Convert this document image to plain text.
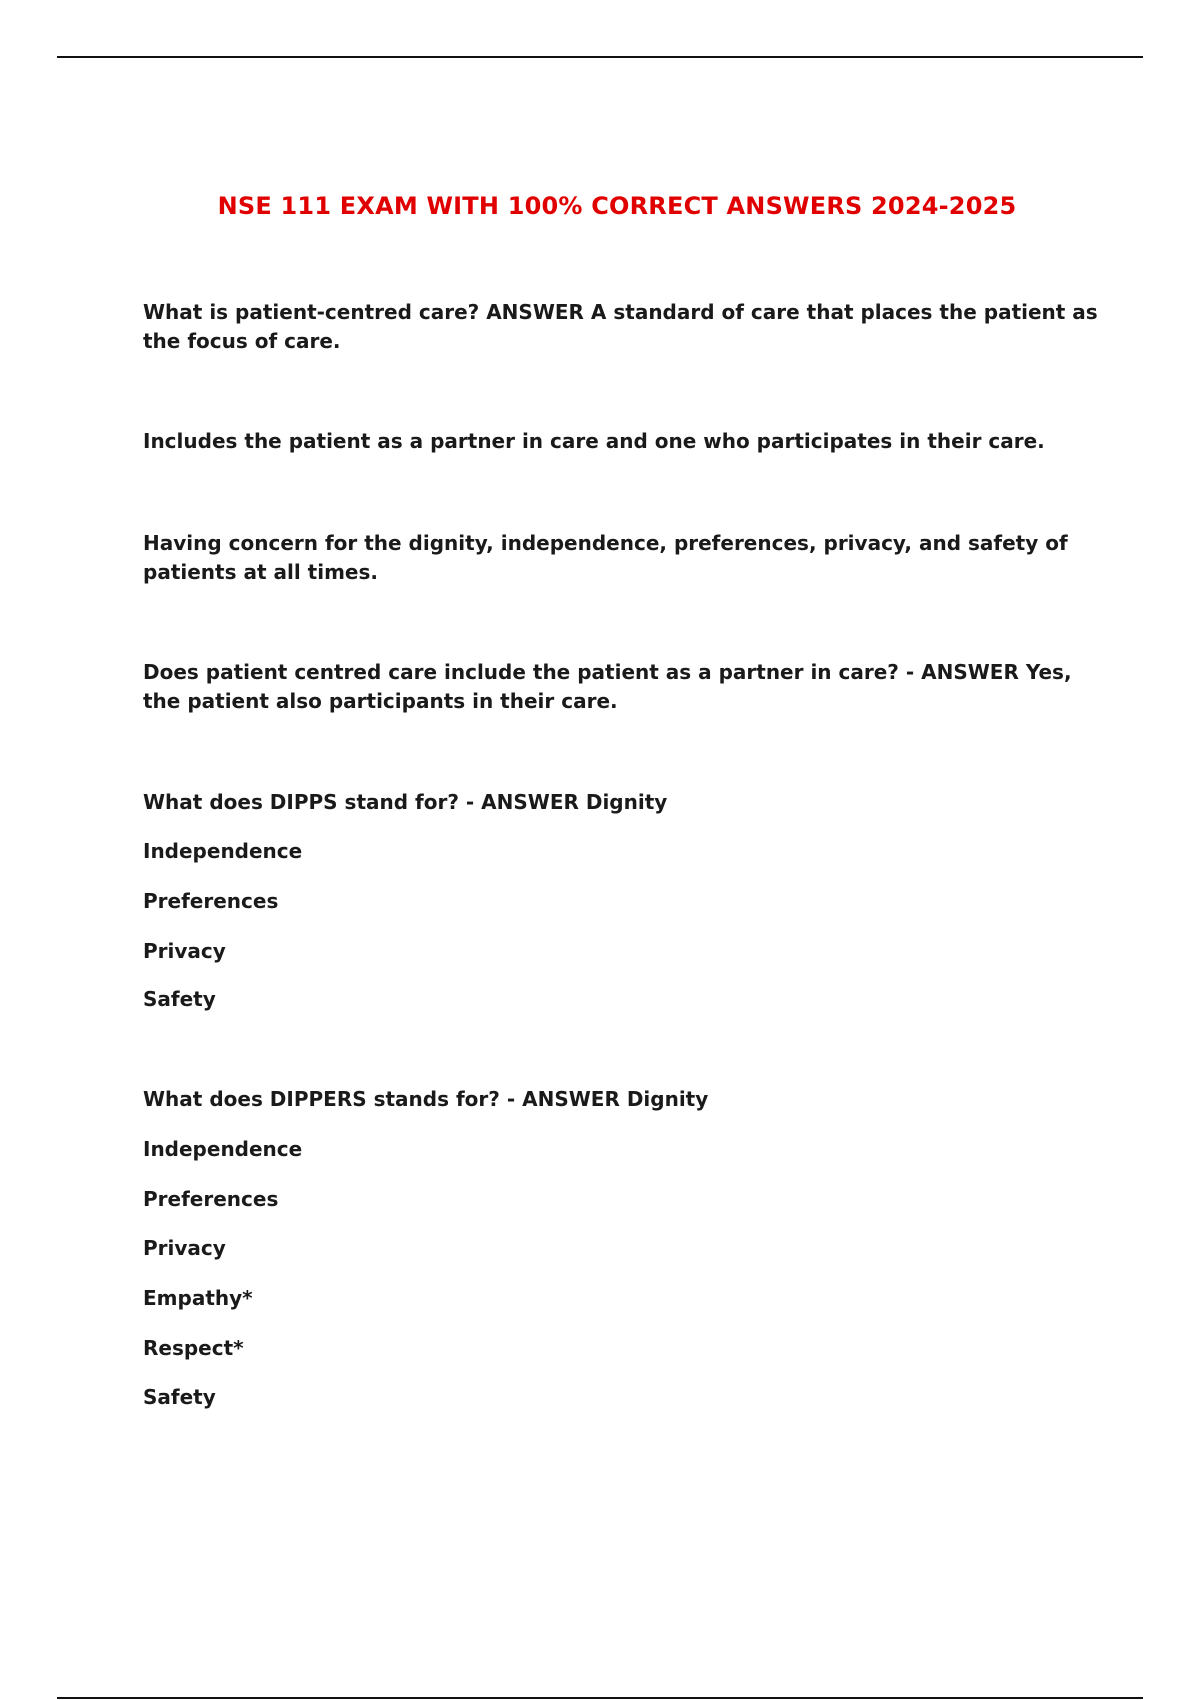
NSE 111 EXAM WITH 100% CORRECT ANSWERS 2024-2025

What is patient-centred care? ANSWER A standard of care that places the patient as the focus of care.

Includes the patient as a partner in care and one who participates in their care.

Having concern for the dignity, independence, preferences, privacy, and safety of patients at all times.

Does patient centred care include the patient as a partner in care? - ANSWER Yes, the patient also participants in their care.

What does DIPPS stand for? - ANSWER Dignity

Independence

Preferences

Privacy

Safety

What does DIPPERS stands for? - ANSWER Dignity

Independence

Preferences

Privacy

Empathy*

Respect*

Safety
